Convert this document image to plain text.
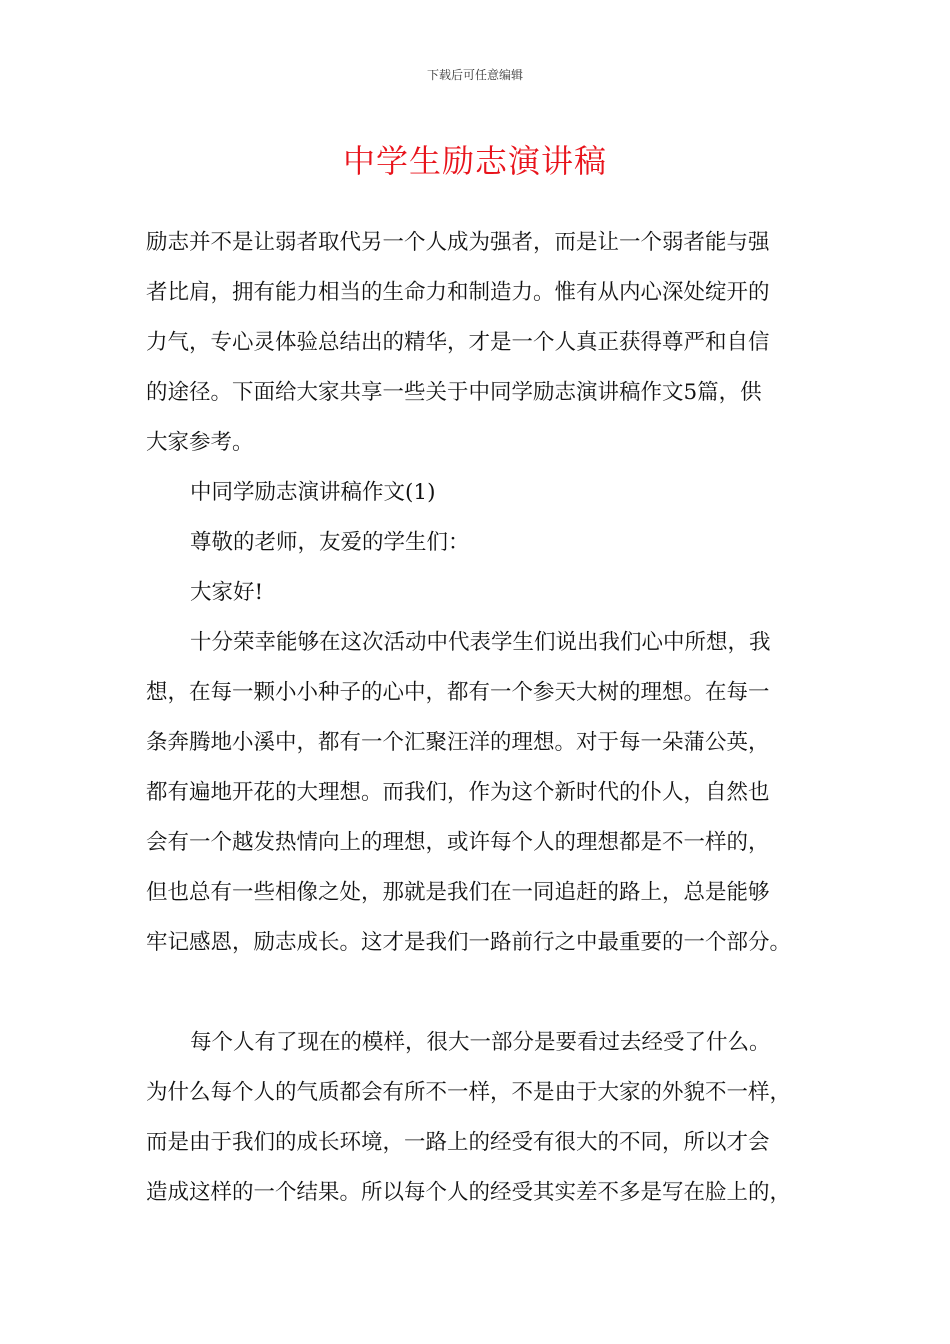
下载后可任意编辑
中学生励志演讲稿
励志并不是让弱者取代另一个人成为强者，而是让一个弱者能与强
者比肩，拥有能力相当的生命力和制造力。惟有从内心深处绽开的
力气，专心灵体验总结出的精华，才是一个人真正获得尊严和自信
的途径。下面给大家共享一些关于中同学励志演讲稿作文5篇，供
大家参考。
中同学励志演讲稿作文(1)
尊敬的老师，友爱的学生们：
大家好!
十分荣幸能够在这次活动中代表学生们说出我们心中所想，我
想，在每一颗小小种子的心中，都有一个参天大树的理想。在每一
条奔腾地小溪中，都有一个汇聚汪洋的理想。对于每一朵蒲公英，
都有遍地开花的大理想。而我们，作为这个新时代的仆人，自然也
会有一个越发热情向上的理想，或许每个人的理想都是不一样的，
但也总有一些相像之处，那就是我们在一同追赶的路上，总是能够
牢记感恩，励志成长。这才是我们一路前行之中最重要的一个部分。
每个人有了现在的模样，很大一部分是要看过去经受了什么。
为什么每个人的气质都会有所不一样，不是由于大家的外貌不一样，
而是由于我们的成长环境，一路上的经受有很大的不同，所以才会
造成这样的一个结果。所以每个人的经受其实差不多是写在脸上的，
